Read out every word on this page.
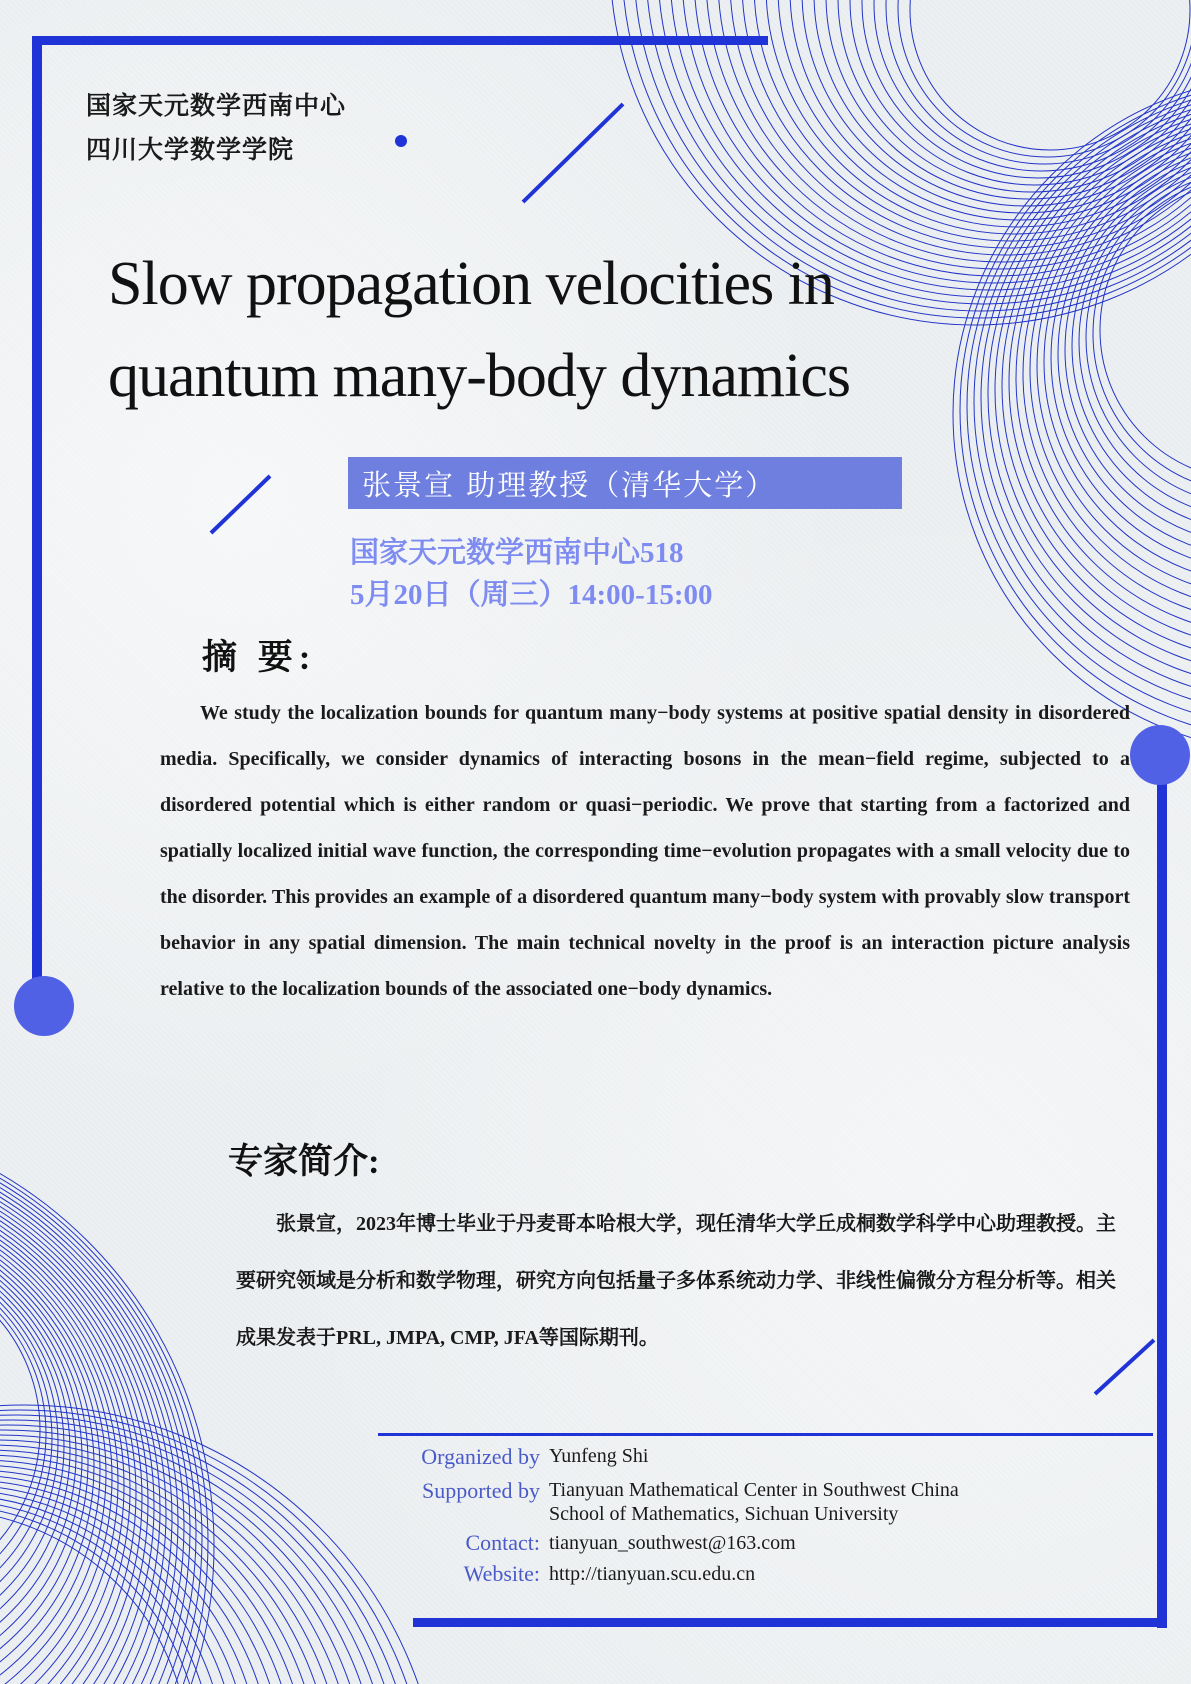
国家天元数学西南中心
四川大学数学学院
Slow propagation velocities in
quantum many-body dynamics
张景宣 助理教授（清华大学）
国家天元数学西南中心518
5月20日（周三）14:00-15:00
摘 要:
We study the localization bounds for quantum many−body systems at positive spatial density in disordered media. Specifically, we consider dynamics of interacting bosons in the mean−field regime, subjected to a disordered potential which is either random or quasi−periodic. We prove that starting from a factorized and spatially localized initial wave function, the corresponding time−evolution propagates with a small velocity due to the disorder. This provides an example of a disordered quantum many−body system with provably slow transport behavior in any spatial dimension. The main technical novelty in the proof is an interaction picture analysis relative to the localization bounds of the associated one−body dynamics.
专家简介:
张景宣，2023年博士毕业于丹麦哥本哈根大学，现任清华大学丘成桐数学科学中心助理教授。主要研究领域是分析和数学物理，研究方向包括量子多体系统动力学、非线性偏微分方程分析等。相关成果发表于PRL, JMPA, CMP, JFA等国际期刊。
Organized by Yunfeng Shi
Supported by Tianyuan Mathematical Center in Southwest China
School of Mathematics, Sichuan University
Contact: tianyuan_southwest@163.com
Website: http://tianyuan.scu.edu.cn
